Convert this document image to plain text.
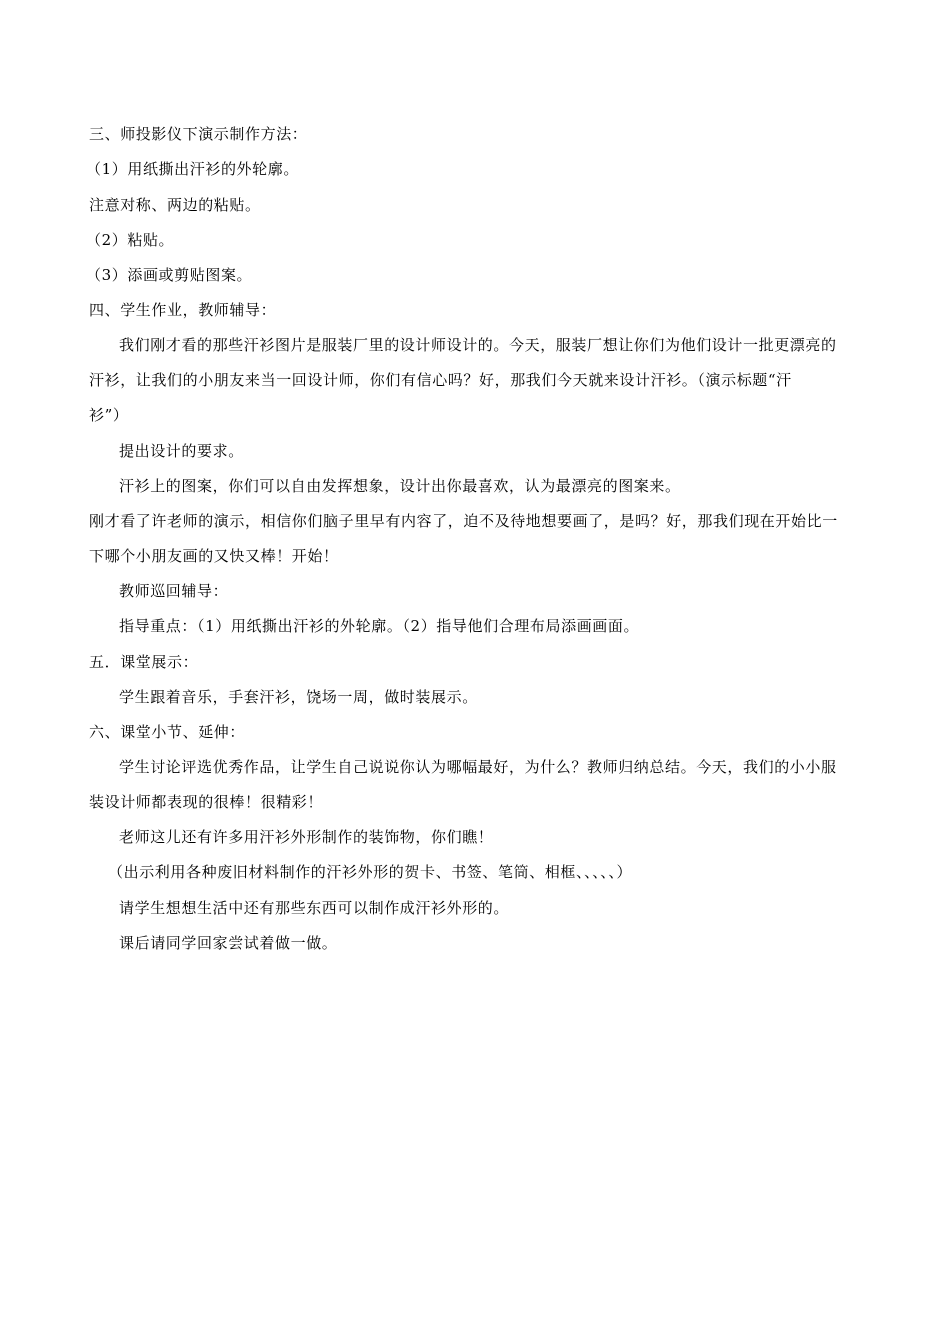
三、师投影仪下演示制作方法：
（1）用纸撕出汗衫的外轮廓。
注意对称、两边的粘贴。
（2）粘贴。
（3）添画或剪贴图案。
四、学生作业，教师辅导：
我们刚才看的那些汗衫图片是服装厂里的设计师设计的。今天，服装厂想让你们为他们设计一批更漂亮的
汗衫，让我们的小朋友来当一回设计师，你们有信心吗？好，那我们今天就来设计汗衫。（演示标题“汗
衫”）
提出设计的要求。
汗衫上的图案，你们可以自由发挥想象，设计出你最喜欢，认为最漂亮的图案来。
刚才看了许老师的演示，相信你们脑子里早有内容了，迫不及待地想要画了，是吗？好，那我们现在开始比一
下哪个小朋友画的又快又棒！开始！
教师巡回辅导：
指导重点：（1）用纸撕出汗衫的外轮廓。（2）指导他们合理布局添画画面。
五．课堂展示：
学生跟着音乐，手套汗衫，饶场一周，做时装展示。
六、课堂小节、延伸：
学生讨论评选优秀作品，让学生自己说说你认为哪幅最好，为什么？教师归纳总结。今天，我们的小小服
装设计师都表现的很棒！很精彩！
老师这儿还有许多用汗衫外形制作的装饰物，你们瞧！
（出示利用各种废旧材料制作的汗衫外形的贺卡、书签、笔筒、相框、、、、、）
请学生想想生活中还有那些东西可以制作成汗衫外形的。
课后请同学回家尝试着做一做。
